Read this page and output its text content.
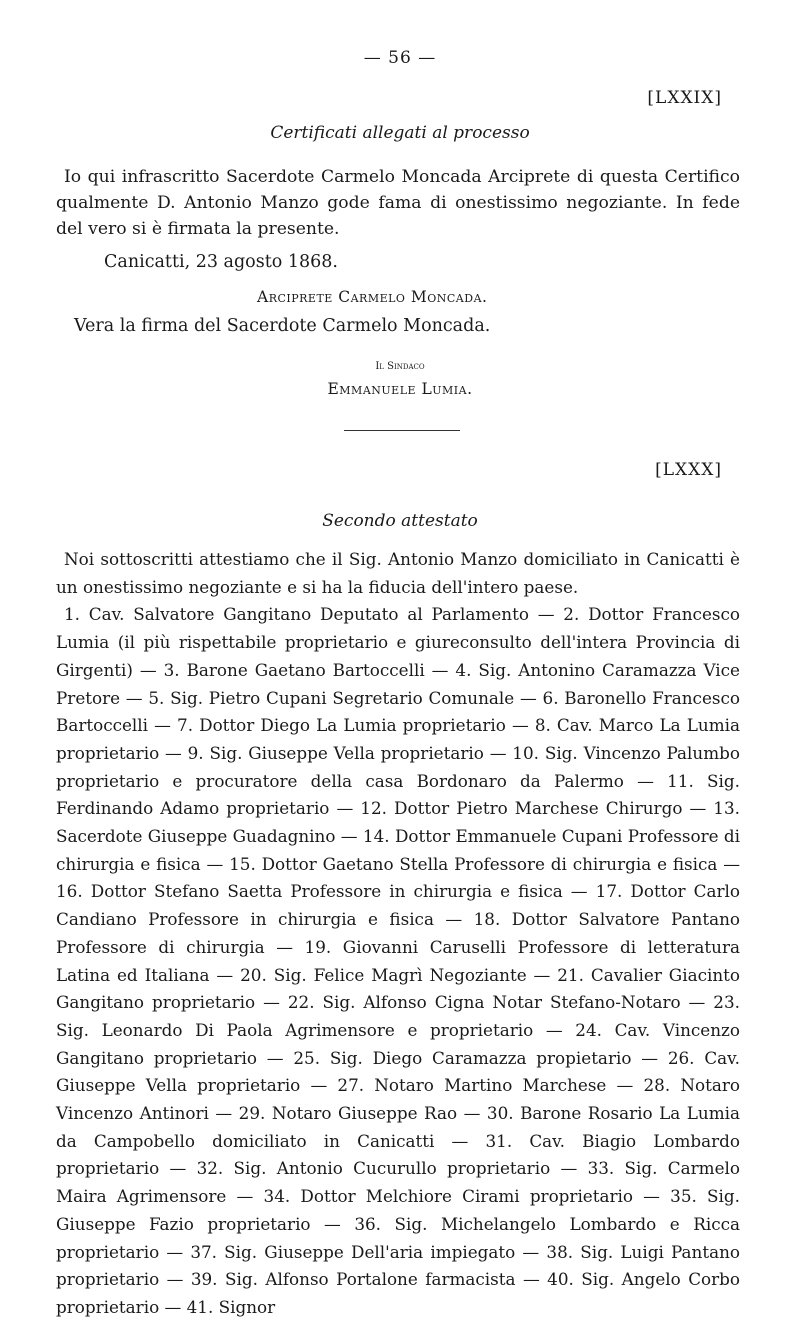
— 56 —
[LXXIX]
Certificati allegati al processo

Io qui infrascritto Sacerdote Carmelo Moncada Arciprete di questa Certifico qualmente D. Antonio Manzo gode fama di onestissimo negoziante. In fede del vero si è firmata la presente.

Canicatti, 23 agosto 1868.
Arciprete Carmelo Moncada.
Vera la firma del Sacerdote Carmelo Moncada.
Il Sindaco
Emmanuele Lumia.
[LXXX]
Secondo attestato

Noi sottoscritti attestiamo che il Sig. Antonio Manzo domiciliato in Canicatti è un onestissimo negoziante e si ha la fiducia dell'intero paese.

1. Cav. Salvatore Gangitano Deputato al Parlamento — 2. Dottor Francesco Lumia (il più rispettabile proprietario e giureconsulto dell'intera Provincia di Girgenti) — 3. Barone Gaetano Bartoccelli — 4. Sig. Antonino Caramazza Vice Pretore — 5. Sig. Pietro Cupani Segretario Comunale — 6. Baronello Francesco Bartoccelli — 7. Dottor Diego La Lumia proprietario — 8. Cav. Marco La Lumia proprietario — 9. Sig. Giuseppe Vella proprietario — 10. Sig. Vincenzo Palumbo proprietario e procuratore della casa Bordonaro da Palermo — 11. Sig. Ferdinando Adamo proprietario — 12. Dottor Pietro Marchese Chirurgo — 13. Sacerdote Giuseppe Guadagnino — 14. Dottor Emmanuele Cupani Professore di chirurgia e fisica — 15. Dottor Gaetano Stella Professore di chirurgia e fisica — 16. Dottor Stefano Saetta Professore in chirurgia e fisica — 17. Dottor Carlo Candiano Professore in chirurgia e fisica — 18. Dottor Salvatore Pantano Professore di chirurgia — 19. Giovanni Caruselli Professore di letteratura Latina ed Italiana — 20. Sig. Felice Magrì Negoziante — 21. Cavalier Giacinto Gangitano proprietario — 22. Sig. Alfonso Cigna Notar Stefano-Notaro — 23. Sig. Leonardo Di Paola Agrimensore e proprietario — 24. Cav. Vincenzo Gangitano proprietario — 25. Sig. Diego Caramazza propietario — 26. Cav. Giuseppe Vella proprietario — 27. Notaro Martino Marchese — 28. Notaro Vincenzo Antinori — 29. Notaro Giuseppe Rao — 30. Barone Rosario La Lumia da Campobello domiciliato in Canicatti — 31. Cav. Biagio Lombardo proprietario — 32. Sig. Antonio Cucurullo proprietario — 33. Sig. Carmelo Maira Agrimensore — 34. Dottor Melchiore Cirami proprietario — 35. Sig. Giuseppe Fazio proprietario — 36. Sig. Michelangelo Lombardo e Ricca proprietario — 37. Sig. Giuseppe Dell'aria impiegato — 38. Sig. Luigi Pantano proprietario — 39. Sig. Alfonso Portalone farmacista — 40. Sig. Angelo Corbo proprietario — 41. Signor
